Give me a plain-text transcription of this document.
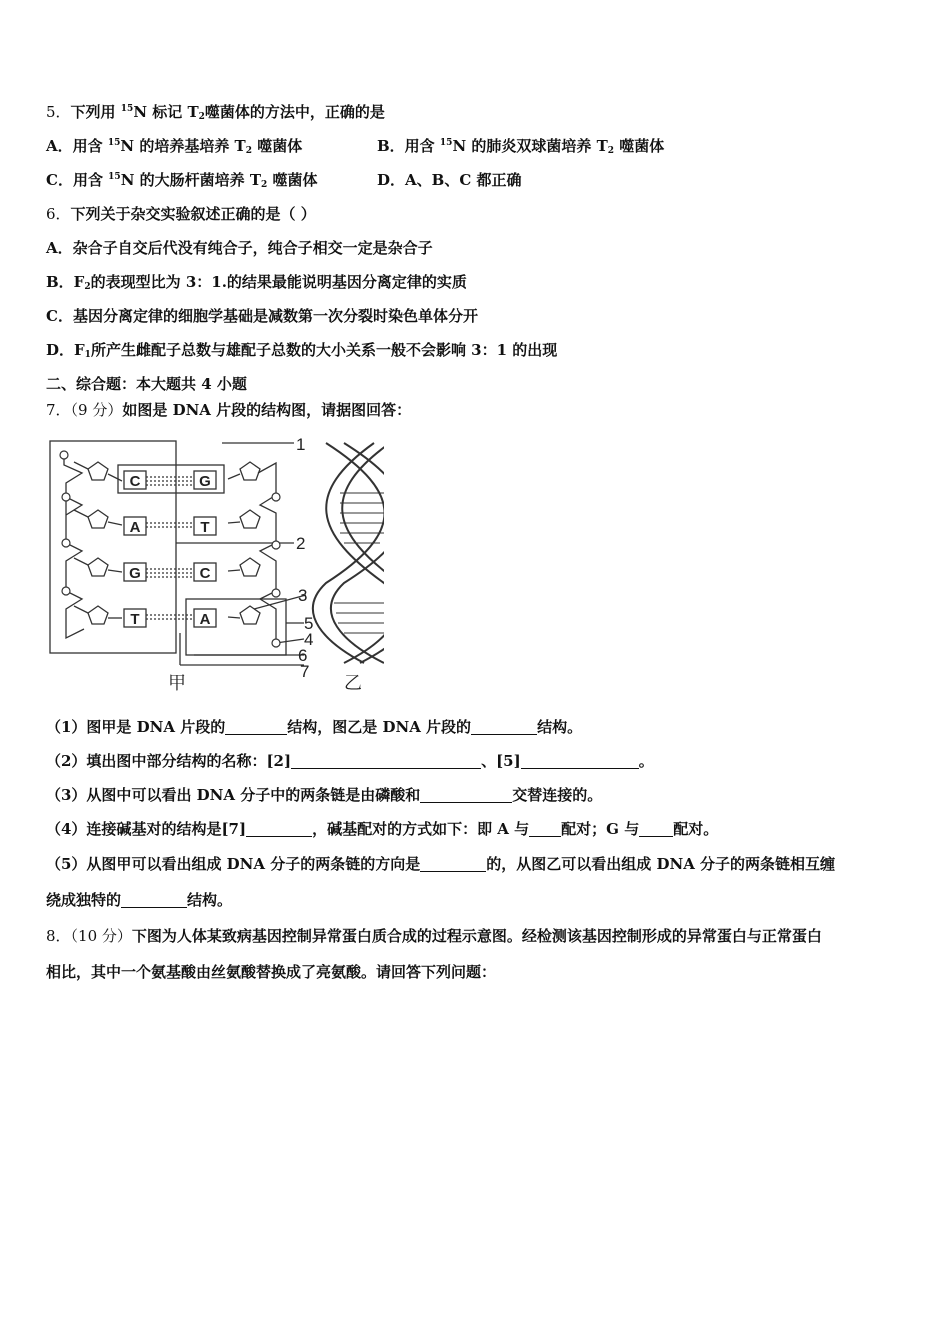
5．下列用 $^{15}$N 标记 $T_2$噬菌体的方法中，正确的是
A．用含 $^{15}$N 的培养基培养 $T_2$ 噬菌体	B．用含 $^{15}$N 的肺炎双球菌培养 $T_2$ 噬菌体
C．用含 $^{15}$N 的大肠杆菌培养 $T_2$ 噬菌体	D．A、B、C 都正确
6．下列关于杂交实验叙述正确的是（ ）
A．杂合子自交后代没有纯合子，纯合子相交一定是杂合子
B．$F_2$的表现型比为 3：1.的结果最能说明基因分离定律的实质
C．基因分离定律的细胞学基础是减数第一次分裂时染色单体分开
D．$F_1$所产生雌配子总数与雄配子总数的大小关系一般不会影响 3：1 的出现
二、综合题：本大题共 4 小题
7．（9 分）如图是 DNA 片段的结构图，请据图回答：
C
A
G
T
G
T
C
A
1
2
3
5
4
6
7
甲	乙
（1）图甲是 DNA 片段的	结构，图乙是 DNA 片段的	结构。
（2）填出图中部分结构的名称：[2]	、[5]	。
（3）从图中可以看出 DNA 分子中的两条链是由磷酸和	交替连接的。
（4）连接碱基对的结构是[7]	，碱基配对的方式如下：即 A 与 配对；G 与 配对。
（5）从图甲可以看出组成 DNA 分子的两条链的方向是	的，从图乙可以看出组成 DNA 分子的两条链相互缠
绕成独特的	结构。
8．（10 分）下图为人体某致病基因控制异常蛋白质合成的过程示意图。经检测该基因控制形成的异常蛋白与正常蛋白
相比，其中一个氨基酸由丝氨酸替换成了亮氨酸。请回答下列问题：
